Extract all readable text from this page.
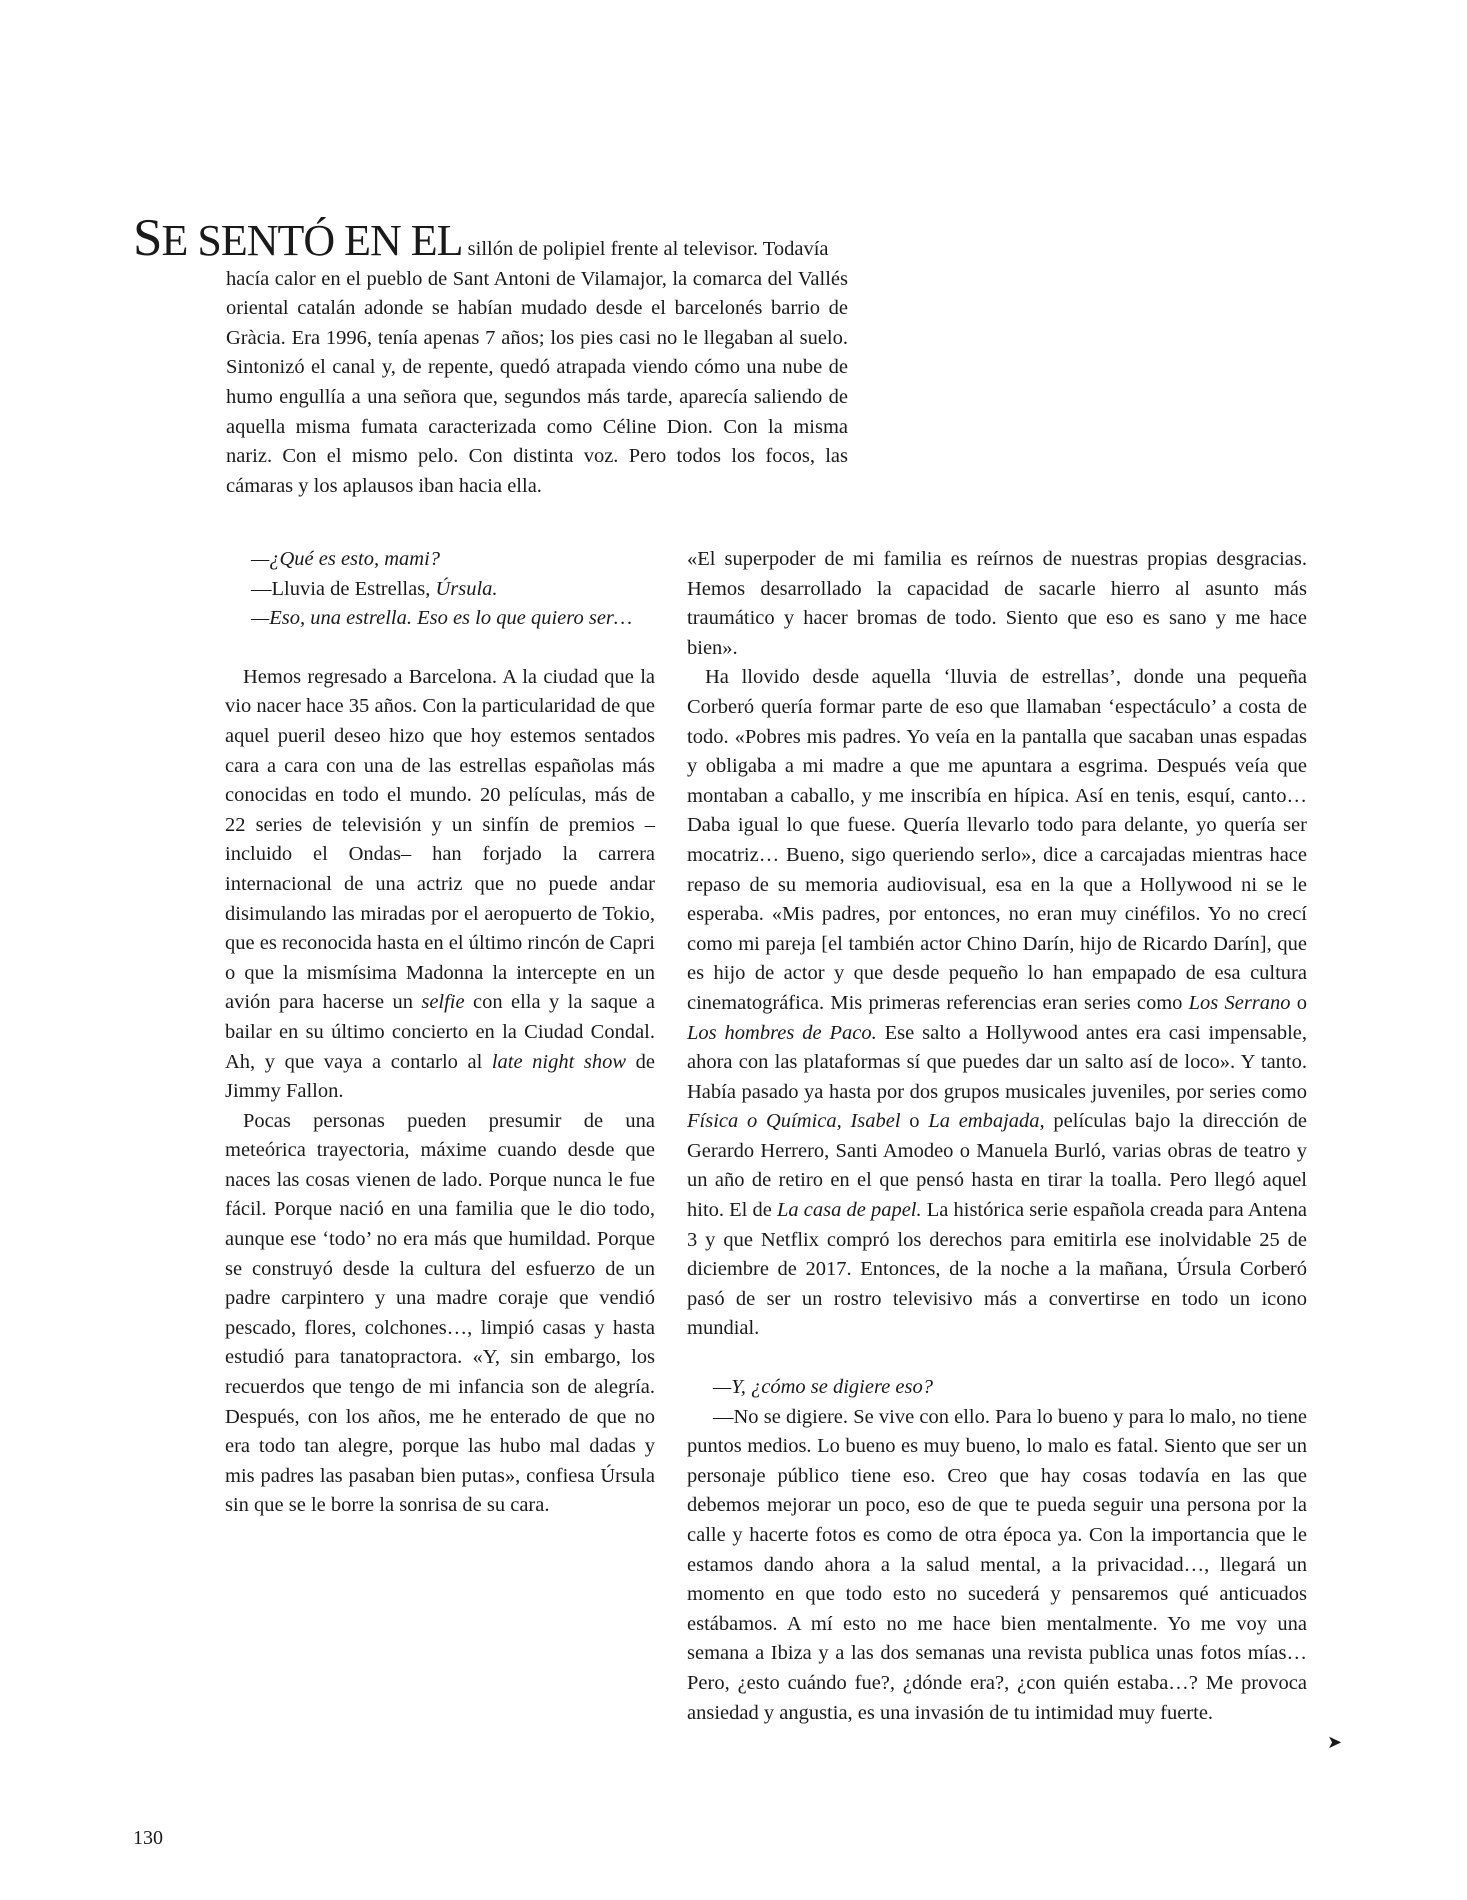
SE SENTÓ EN EL sillón de polipiel frente al televisor. Todavía

hacía calor en el pueblo de Sant Antoni de Vilamajor, la comarca del Vallés oriental catalán adonde se habían mudado desde el barcelonés barrio de Gràcia. Era 1996, tenía apenas 7 años; los pies casi no le llegaban al suelo. Sintonizó el canal y, de repente, quedó atrapada viendo cómo una nube de humo engullía a una señora que, segundos más tarde, aparecía saliendo de aquella misma fumata caracterizada como Céline Dion. Con la misma nariz. Con el mismo pelo. Con distinta voz. Pero todos los focos, las cámaras y los aplausos iban hacia ella.

—¿Qué es esto, mami?
—Lluvia de Estrellas, Úrsula.
—Eso, una estrella. Eso es lo que quiero ser…

Hemos regresado a Barcelona. A la ciudad que la vio nacer hace 35 años. Con la particularidad de que aquel pueril deseo hizo que hoy estemos sentados cara a cara con una de las estrellas españolas más conocidas en todo el mundo. 20 películas, más de 22 series de televisión y un sinfín de premios –incluido el Ondas– han forjado la carrera internacional de una actriz que no puede andar disimulando las miradas por el aeropuerto de Tokio, que es reconocida hasta en el último rincón de Capri o que la mismísima Madonna la intercepte en un avión para hacerse un selfie con ella y la saque a bailar en su último concierto en la Ciudad Condal. Ah, y que vaya a contarlo al late night show de Jimmy Fallon.

Pocas personas pueden presumir de una meteórica trayectoria, máxime cuando desde que naces las cosas vienen de lado. Porque nunca le fue fácil. Porque nació en una familia que le dio todo, aunque ese ‘todo’ no era más que humildad. Porque se construyó desde la cultura del esfuerzo de un padre carpintero y una madre coraje que vendió pescado, flores, colchones…, limpió casas y hasta estudió para tanatopractora. «Y, sin embargo, los recuerdos que tengo de mi infancia son de alegría. Después, con los años, me he enterado de que no era todo tan alegre, porque las hubo mal dadas y mis padres las pasaban bien putas», confiesa Úrsula sin que se le borre la sonrisa de su cara.

«El superpoder de mi familia es reírnos de nuestras propias desgracias. Hemos desarrollado la capacidad de sacarle hierro al asunto más traumático y hacer bromas de todo. Siento que eso es sano y me hace bien».

Ha llovido desde aquella ‘lluvia de estrellas’, donde una pequeña Corberó quería formar parte de eso que llamaban ‘espectáculo’ a costa de todo. «Pobres mis padres. Yo veía en la pantalla que sacaban unas espadas y obligaba a mi madre a que me apuntara a esgrima. Después veía que montaban a caballo, y me inscribía en hípica. Así en tenis, esquí, canto… Daba igual lo que fuese. Quería llevarlo todo para delante, yo quería ser mocatriz… Bueno, sigo queriendo serlo», dice a carcajadas mientras hace repaso de su memoria audiovisual, esa en la que a Hollywood ni se le esperaba. «Mis padres, por entonces, no eran muy cinéfilos. Yo no crecí como mi pareja [el también actor Chino Darín, hijo de Ricardo Darín], que es hijo de actor y que desde pequeño lo han empapado de esa cultura cinematográfica. Mis primeras referencias eran series como Los Serrano o Los hombres de Paco. Ese salto a Hollywood antes era casi impensable, ahora con las plataformas sí que puedes dar un salto así de loco». Y tanto. Había pasado ya hasta por dos grupos musicales juveniles, por series como Física o Química, Isabel o La embajada, películas bajo la dirección de Gerardo Herrero, Santi Amodeo o Manuela Burló, varias obras de teatro y un año de retiro en el que pensó hasta en tirar la toalla. Pero llegó aquel hito. El de La casa de papel. La histórica serie española creada para Antena 3 y que Netflix compró los derechos para emitirla ese inolvidable 25 de diciembre de 2017. Entonces, de la noche a la mañana, Úrsula Corberó pasó de ser un rostro televisivo más a convertirse en todo un icono mundial.

—Y, ¿cómo se digiere eso?

—No se digiere. Se vive con ello. Para lo bueno y para lo malo, no tiene puntos medios. Lo bueno es muy bueno, lo malo es fatal. Siento que ser un personaje público tiene eso. Creo que hay cosas todavía en las que debemos mejorar un poco, eso de que te pueda seguir una persona por la calle y hacerte fotos es como de otra época ya. Con la importancia que le estamos dando ahora a la salud mental, a la privacidad…, llegará un momento en que todo esto no sucederá y pensaremos qué anticuados estábamos. A mí esto no me hace bien mentalmente. Yo me voy una semana a Ibiza y a las dos semanas una revista publica unas fotos mías… Pero, ¿esto cuándo fue?, ¿dónde era?, ¿con quién estaba…? Me provoca ansiedad y angustia, es una invasión de tu intimidad muy fuerte.

➤
130
